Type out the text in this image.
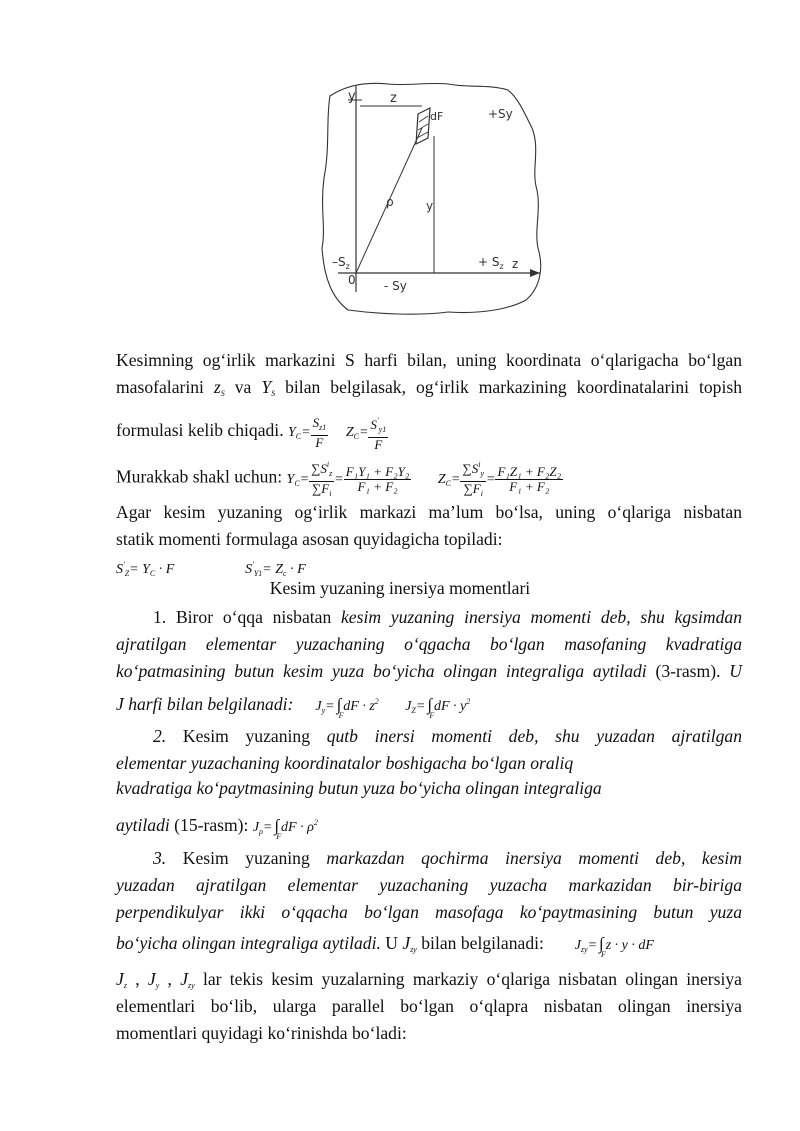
y	z
dF	+Sy
ρ	y
$-S_z$
0 - Sy
+ $S_z$ z
Kesimning og‘irlik markazini S harfi bilan, uning koordinata o‘qlarigacha bo‘lgan
masofalarini $z_S$ va $Y_S$ bilan belgilasak, og‘irlik markazining koordinatalarini topish
formulasi kelib chiqadi. $Y_C= \frac{S_{z1}}{F} Z_C= \frac{S'_{y1}}{F}$
Murakkab shakl uchun: $Y_C= \frac{\sum S^i_z}{\sum F_i} = \frac{\text{F₁Y₁ + F₂Y₂}}{\text{F₁ + F₂}} Z_C= \frac{\sum S^i_y}{\sum F_i} = \frac{\text{F₁Z₁ + F₂Z₂}}{\text{F₁ + F₂}}$
Agar kesim yuzaning og‘irlik markazi ma’lum bo‘lsa, uning o‘qlariga nisbatan
statik momenti formulaga asosan quyidagicha topiladi:
$S'_Z= Y_C \cdot F$	$S'_{Y1}= Z_c \cdot F$
Kesim yuzaning inersiya momentlari
1. Biror o‘qqa nisbatan kesim yuzaning inersiya momenti deb, shu kgsimdan
ajratilgan elementar yuzachaning o‘qgacha bo‘lgan masofaning kvadratiga
ko‘patmasining butun kesim yuza bo‘yicha olingan integraliga aytiladi (3-rasm). U
J harfi bilan belgilanadi: $J_y=$ ∫
F
dF · $z^2$ $J_Z=$ ∫
F
dF · $y^2$
2. Kesim yuzaning qutb inersi momenti deb, shu yuzadan ajratilgan
elementar yuzachaning koordinatalor boshigacha bo‘lgan oraliq
kvadratiga ko‘paytmasining butun yuza bo‘yicha olingan integraliga
aytiladi (15-rasm): $J_\rho=$ ∫
F
dF · $\rho^2$
3. Kesim yuzaning markazdan qochirma inersiya momenti deb, kesim
yuzadan ajratilgan elementar yuzachaning yuzacha markazidan bir-biriga
perpendikulyar ikki o‘qqacha bo‘lgan masofaga ko‘paytmasining butun yuza
bo‘yicha olingan integraliga aytiladi. U $J_{zy}$ bilan belgilanadi: $J_{zy}=$ ∫
F
z · y · dF
$J_z$ , $J_y$ , $J_{zy}$ lar tekis kesim yuzalarning markaziy o‘qlariga nisbatan olingan inersiya
elementlari bo‘lib, ularga parallel bo‘lgan o‘qlapra nisbatan olingan inersiya
momentlari quyidagi ko‘rinishda bo‘ladi:
